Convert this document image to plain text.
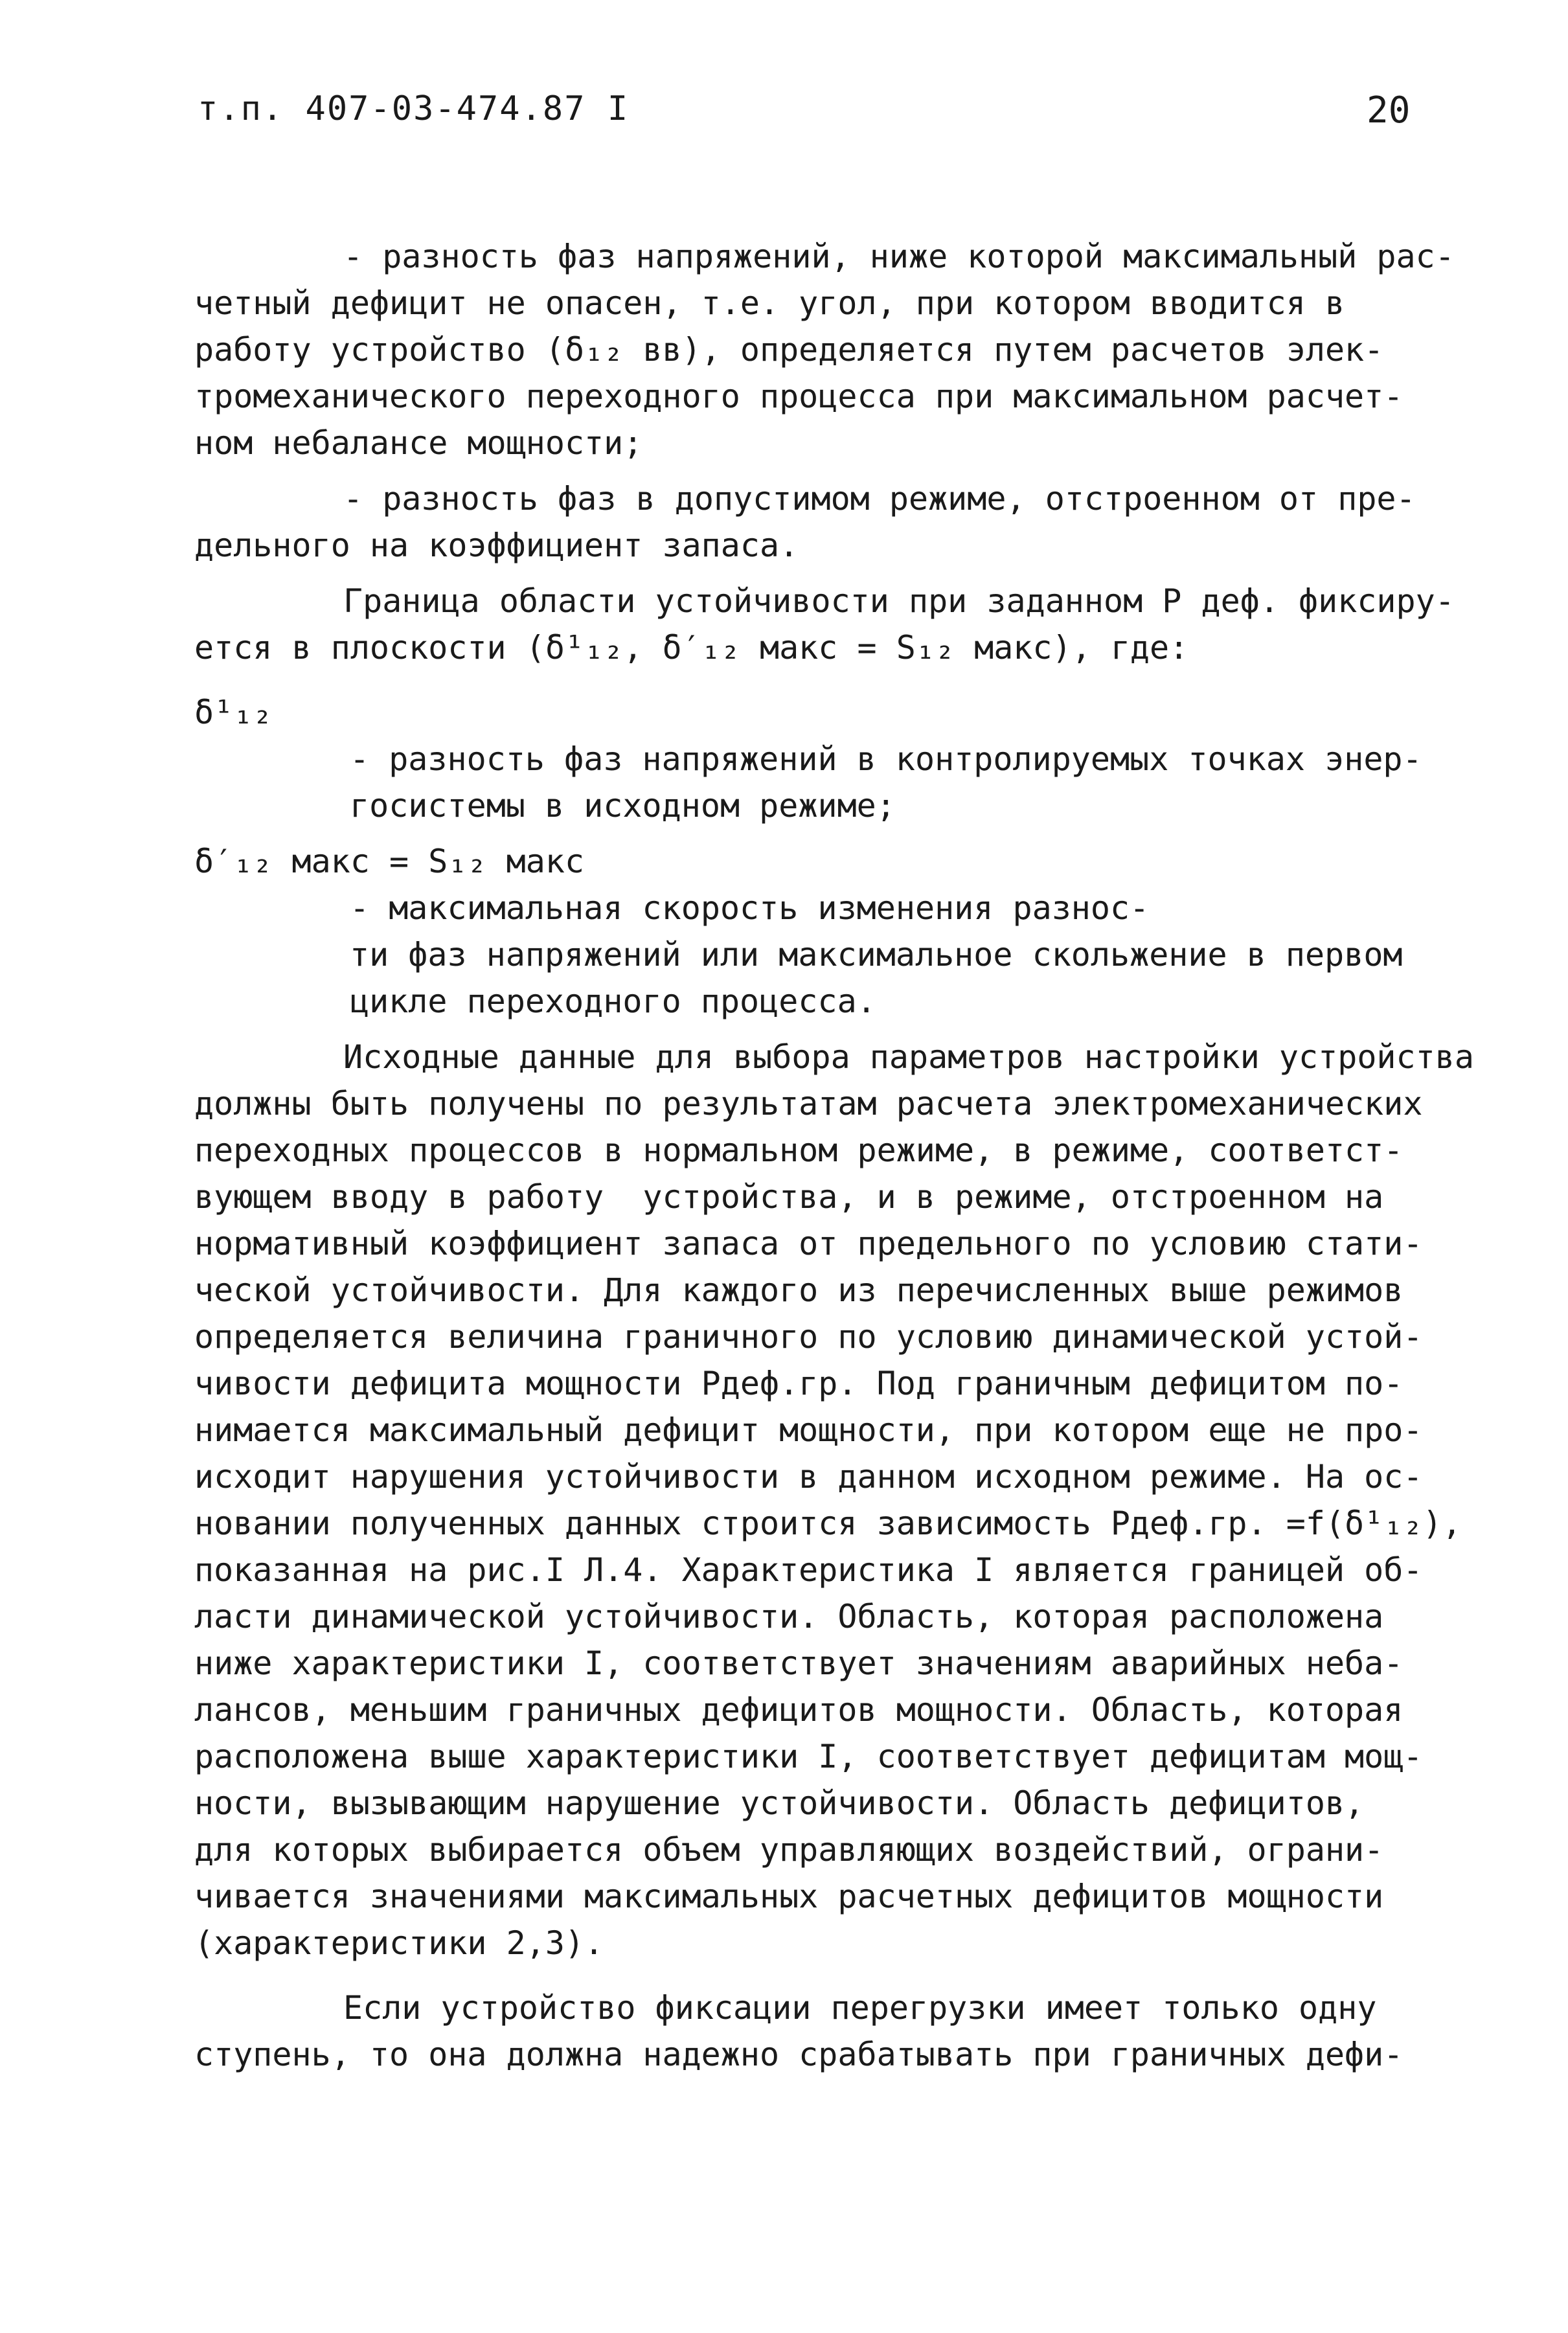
т.п. 407-03-474.87 I	20
- разность фаз напряжений, ниже которой максимальный рас-
четный дефицит не опасен, т.е. угол, при котором вводится в
работу устройство (δ₁₂ вв), определяется путем расчетов элек-
тромеханического переходного процесса при максимальном расчет-
ном небалансе мощности;
- разность фаз в допустимом режиме, отстроенном от пре-
дельного на коэффициент запаса.
Граница области устойчивости при заданном P деф. фиксиру-
ется в плоскости (δ¹₁₂, δ′₁₂ макс = S₁₂ макс), где:
δ¹₁₂
- разность фаз напряжений в контролируемых точках энер-
госистемы в исходном режиме;
δ′₁₂ макс = S₁₂ макс
- максимальная скорость изменения разнос-
ти фаз напряжений или максимальное скольжение в первом
цикле переходного процесса.
Исходные данные для выбора параметров настройки устройства
должны быть получены по результатам расчета электромеханических
переходных процессов в нормальном режиме, в режиме, соответст-
вующем вводу в работу  устройства, и в режиме, отстроенном на
нормативный коэффициент запаса от предельного по условию стати-
ческой устойчивости. Для каждого из перечисленных выше режимов
определяется величина граничного по условию динамической устой-
чивости дефицита мощности Pдеф.гр. Под граничным дефицитом по-
нимается максимальный дефицит мощности, при котором еще не про-
исходит нарушения устойчивости в данном исходном режиме. На ос-
новании полученных данных строится зависимость Pдеф.гр. =f(δ¹₁₂),
показанная на рис.I Л.4. Характеристика I является границей об-
ласти динамической устойчивости. Область, которая расположена
ниже характеристики I, соответствует значениям аварийных неба-
лансов, меньшим граничных дефицитов мощности. Область, которая
расположена выше характеристики I, соответствует дефицитам мощ-
ности, вызывающим нарушение устойчивости. Область дефицитов,
для которых выбирается объем управляющих воздействий, ограни-
чивается значениями максимальных расчетных дефицитов мощности
(характеристики 2,3).
Если устройство фиксации перегрузки имеет только одну
ступень, то она должна надежно срабатывать при граничных дефи-
